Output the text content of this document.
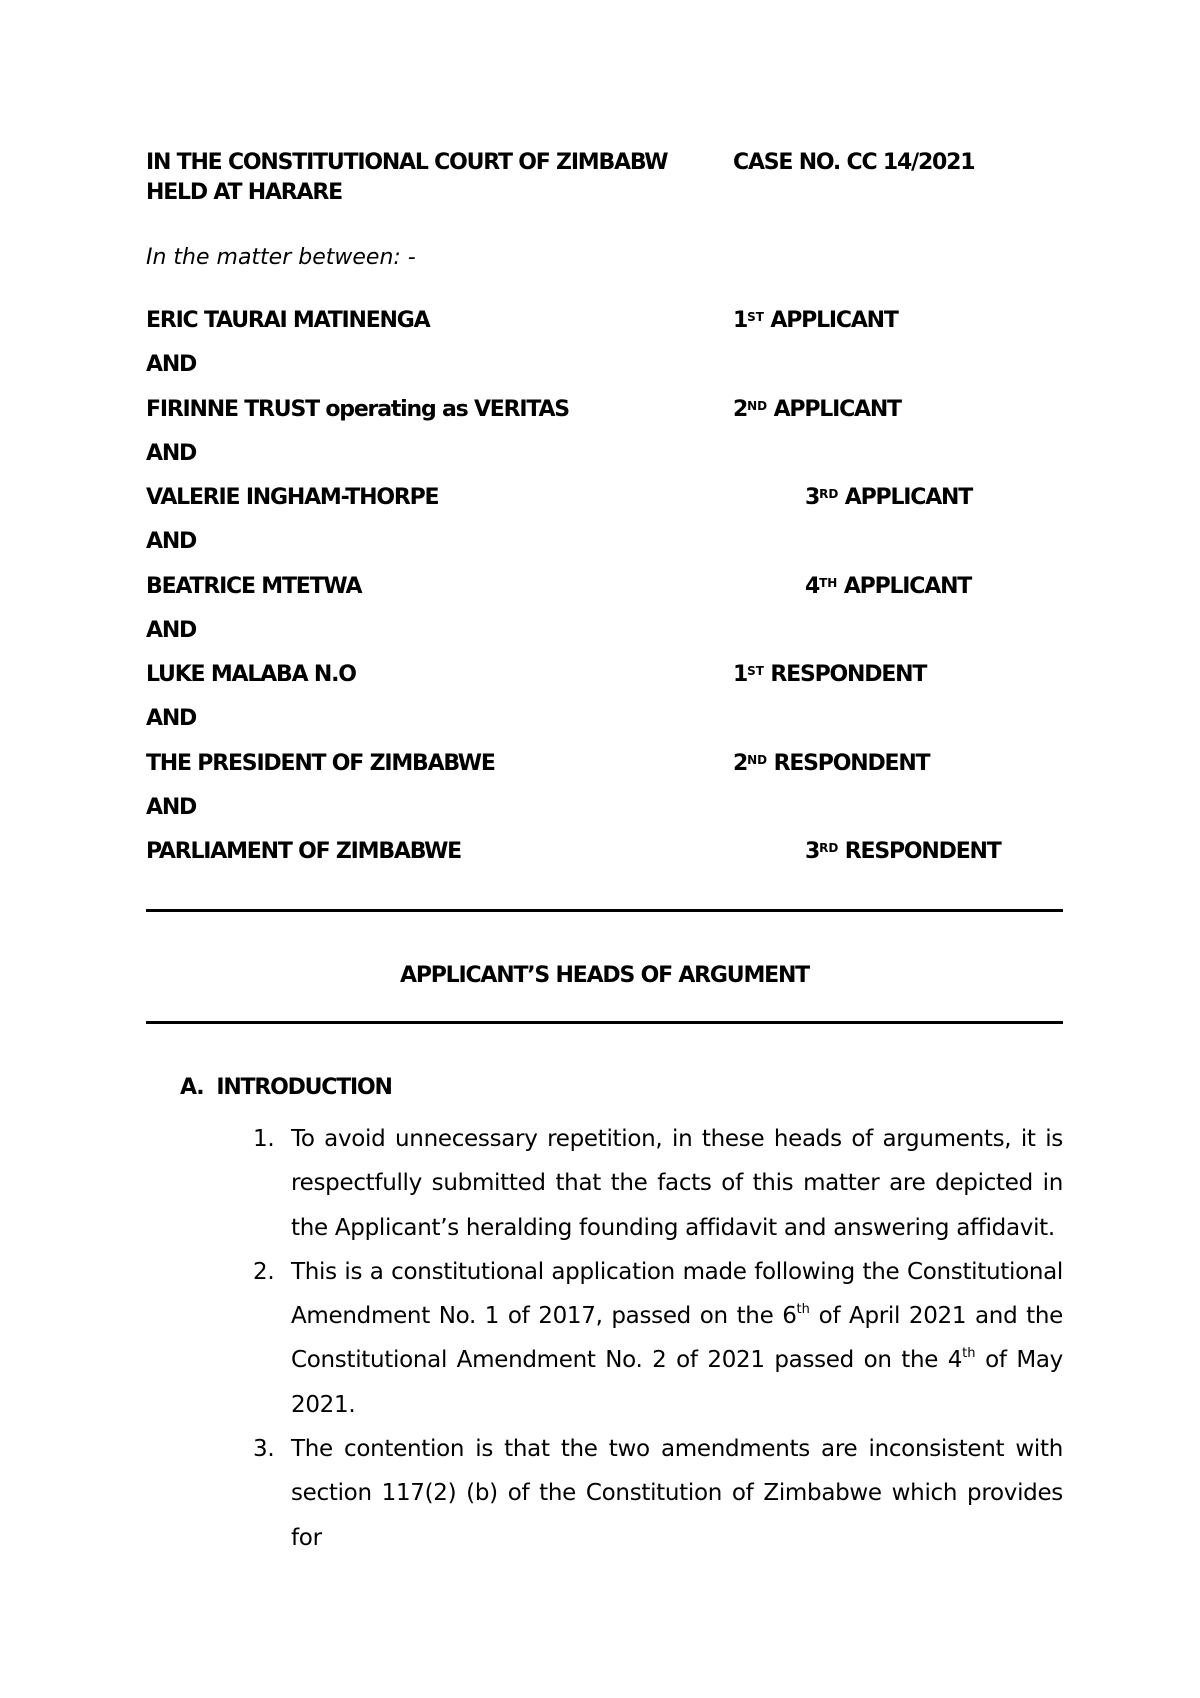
IN THE CONSTITUTIONAL COURT OF ZIMBABW
HELD AT HARARE
CASE NO. CC 14/2021
In the matter between: -
ERIC TAURAI MATINENGA	1ST APPLICANT
AND
FIRINNE TRUST operating as VERITAS	2ND APPLICANT
AND
VALERIE INGHAM-THORPE	3RD APPLICANT
AND
BEATRICE MTETWA	4TH APPLICANT
AND
LUKE MALABA N.O	1ST RESPONDENT
AND
THE PRESIDENT OF ZIMBABWE	2ND RESPONDENT
AND
PARLIAMENT OF ZIMBABWE	3RD RESPONDENT
APPLICANT’S HEADS OF ARGUMENT
A. INTRODUCTION
1. To avoid unnecessary repetition, in these heads of arguments, it is respectfully submitted that the facts of this matter are depicted in the Applicant’s heralding founding affidavit and answering affidavit.
2. This is a constitutional application made following the Constitutional Amendment No. 1 of 2017, passed on the 6th of April 2021 and the Constitutional Amendment No. 2 of 2021 passed on the 4th of May 2021.
3. The contention is that the two amendments are inconsistent with section 117(2) (b) of the Constitution of Zimbabwe which provides for
